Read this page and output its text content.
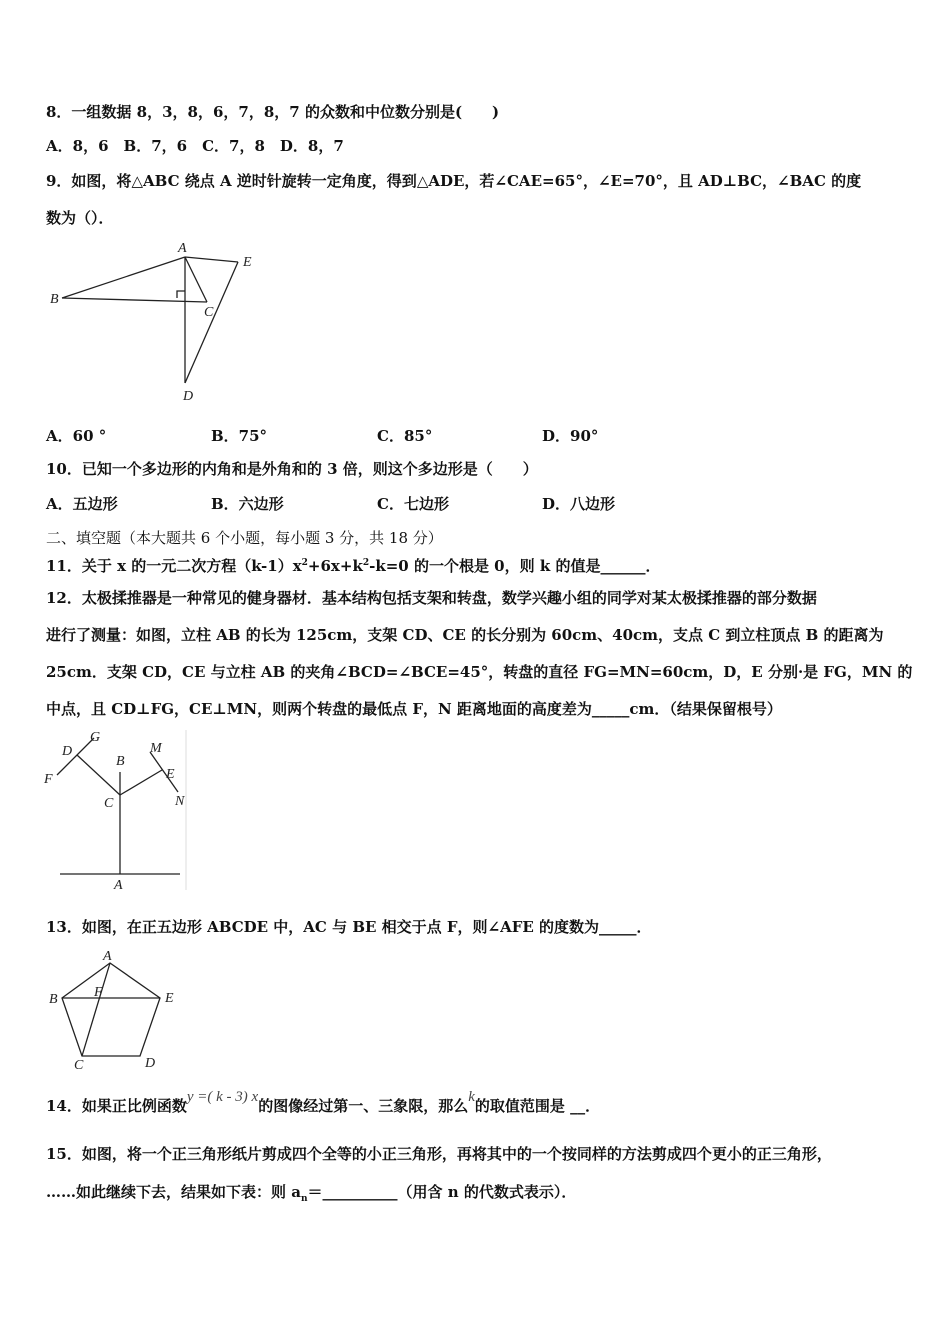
8．一组数据 8，3，8，6，7，8，7 的众数和中位数分别是(　　)
A．8，6　B．7，6　C．7，8　D．8，7
9．如图，将△ABC 绕点 A 逆时针旋转一定角度，得到△ADE，若∠CAE=65°，∠E=70°，且 AD⊥BC，∠BAC 的度
数为（）．
A
E
B
C
D
A．60 °	B．75°	C．85°	D．90°
10．已知一个多边形的内角和是外角和的 3 倍，则这个多边形是（　　）
A．五边形	B．六边形	C．七边形	D．八边形
二、填空题（本大题共 6 个小题，每小题 3 分，共 18 分）
11．关于 x 的一元二次方程$(k-1)x^2+6x+k^2-k=0$ 的一个根是 0，则 k 的值是______．
12．太极揉推器是一种常见的健身器材．基本结构包括支架和转盘，数学兴趣小组的同学对某太极揉推器的部分数据
进行了测量：如图，立柱 AB 的长为 125cm，支架 CD、CE 的长分别为 60cm、40cm，支点 C 到立柱顶点 B 的距离为
25cm．支架 CD，CE 与立柱 AB 的夹角∠BCD=∠BCE=45°，转盘的直径 FG=MN=60cm，D，E 分别·是 FG，MN 的
中点，且 CD⊥FG，CE⊥MN，则两个转盘的最低点 F，N 距离地面的高度差为_____cm．（结果保留根号）
D
G
F
B
C
M
E
N
A
13．如图，在正五边形 ABCDE 中，AC 与 BE 相交于点 F，则∠AFE 的度数为_____．
A
B	E
F
C	D
14．如果正比例函数y =( k - 3) x的图像经过第一、三象限，那么k的取值范围是 __．
15．如图，将一个正三角形纸片剪成四个全等的小正三角形，再将其中的一个按同样的方法剪成四个更小的正三角形，
……如此继续下去，结果如下表：则 $a_n=\_\_\_\_\_\_\_\_\_\_$（用含 n 的代数式表示）．
